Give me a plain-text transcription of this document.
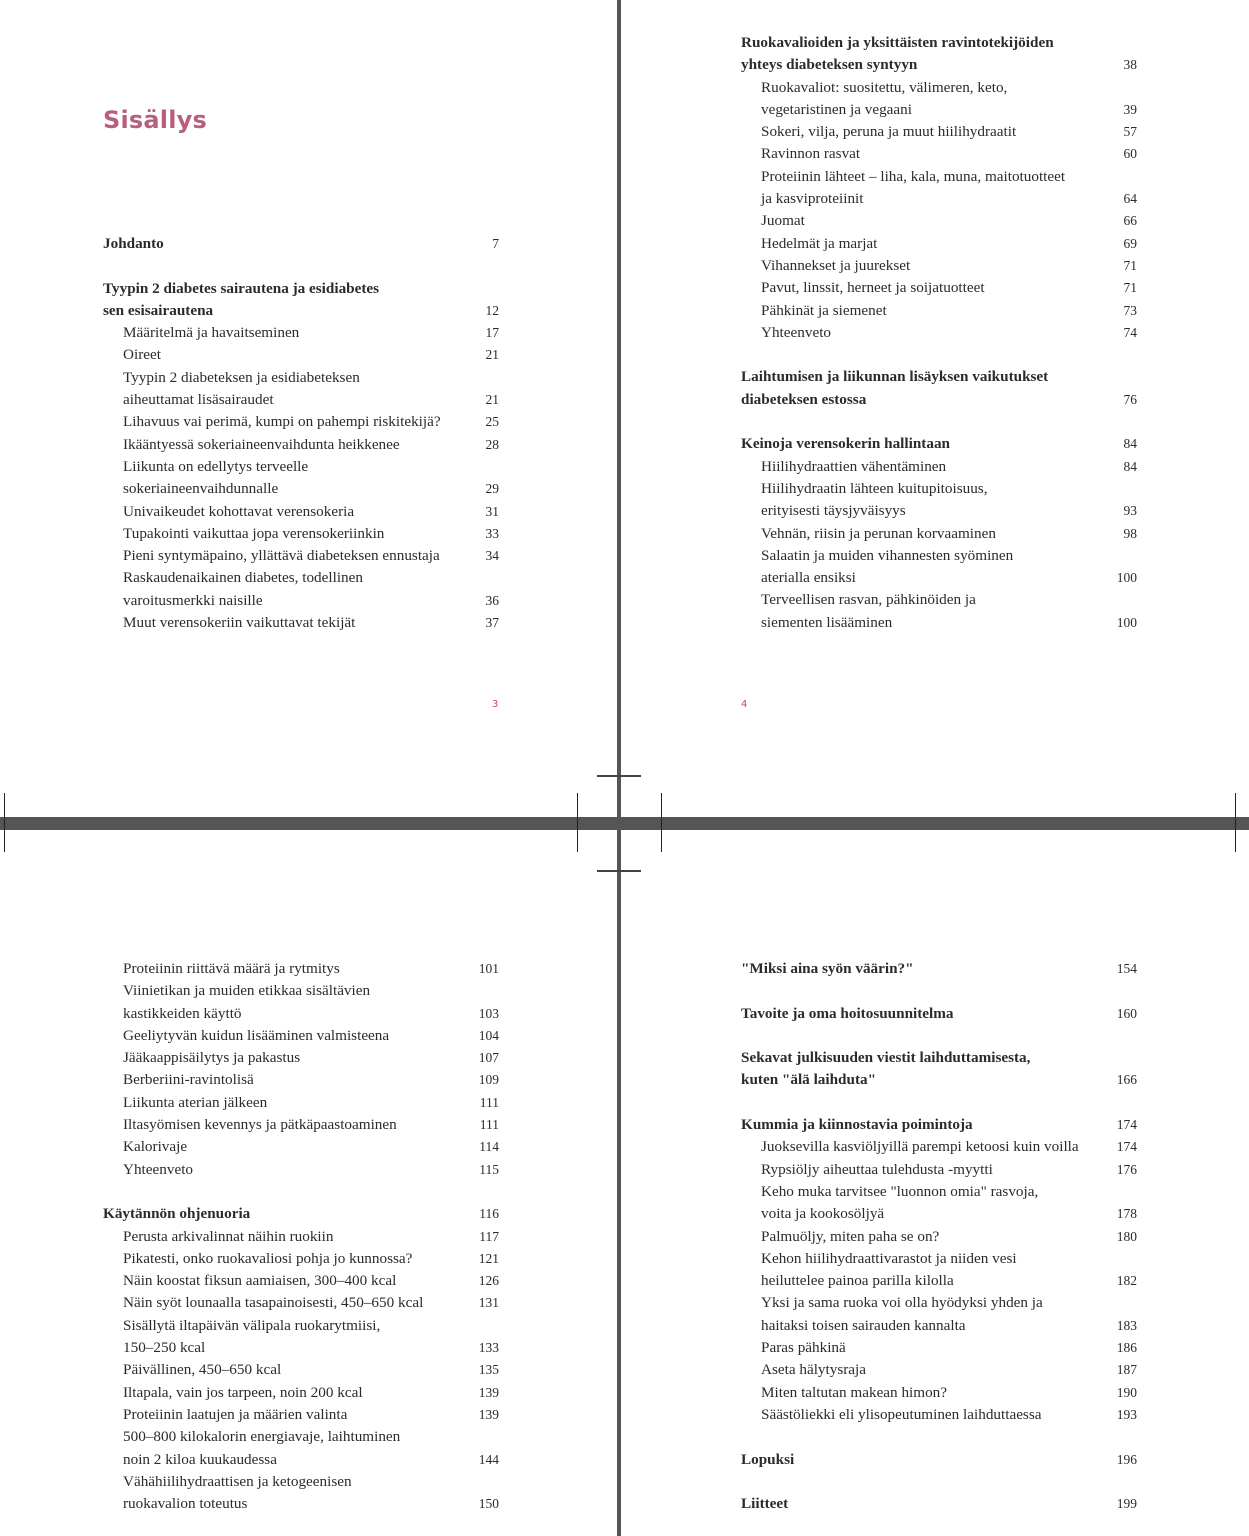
Sisällys
Johdanto	7
Tyypin 2 diabetes sairautena ja esidiabetes
sen esisairautena	12
Määritelmä ja havaitseminen	17
Oireet	21
Tyypin 2 diabeteksen ja esidiabeteksen
aiheuttamat lisäsairaudet	21
Lihavuus vai perimä, kumpi on pahempi riskitekijä?	25
Ikääntyessä sokeriaineenvaihdunta heikkenee	28
Liikunta on edellytys terveelle
sokeriaineenvaihdunnalle	29
Univaikeudet kohottavat verensokeria	31
Tupakointi vaikuttaa jopa verensokeriinkin	33
Pieni syntymäpaino, yllättävä diabeteksen ennustaja	34
Raskaudenaikainen diabetes, todellinen
varoitusmerkki naisille	36
Muut verensokeriin vaikuttavat tekijät	37
3
Ruokavalioiden ja yksittäisten ravintotekijöiden
yhteys diabeteksen syntyyn	38
Ruokavaliot: suositettu, välimeren, keto,
vegetaristinen ja vegaani	39
Sokeri, vilja, peruna ja muut hiilihydraatit	57
Ravinnon rasvat	60
Proteiinin lähteet – liha, kala, muna, maitotuotteet
ja kasviproteiinit	64
Juomat	66
Hedelmät ja marjat	69
Vihannekset ja juurekset	71
Pavut, linssit, herneet ja soijatuotteet	71
Pähkinät ja siemenet	73
Yhteenveto	74
Laihtumisen ja liikunnan lisäyksen vaikutukset
diabeteksen estossa	76
Keinoja verensokerin hallintaan	84
Hiilihydraattien vähentäminen	84
Hiilihydraatin lähteen kuitupitoisuus,
erityisesti täysjyväisyys	93
Vehnän, riisin ja perunan korvaaminen	98
Salaatin ja muiden vihannesten syöminen
aterialla ensiksi	100
Terveellisen rasvan, pähkinöiden ja
siementen lisääminen	100
4
Proteiinin riittävä määrä ja rytmitys	101
Viinietikan ja muiden etikkaa sisältävien
kastikkeiden käyttö	103
Geeliytyvän kuidun lisääminen valmisteena	104
Jääkaappisäilytys ja pakastus	107
Berberiini-ravintolisä	109
Liikunta aterian jälkeen	111
Iltasyömisen kevennys ja pätkäpaastoaminen	111
Kalorivaje	114
Yhteenveto	115
Käytännön ohjenuoria	116
Perusta arkivalinnat näihin ruokiin	117
Pikatesti, onko ruokavaliosi pohja jo kunnossa?	121
Näin koostat fiksun aamiaisen, 300–400 kcal	126
Näin syöt lounaalla tasapainoisesti, 450–650 kcal	131
Sisällytä iltapäivän välipala ruokarytmiisi,
150–250 kcal	133
Päivällinen, 450–650 kcal	135
Iltapala, vain jos tarpeen, noin 200 kcal	139
Proteiinin laatujen ja määrien valinta	139
500–800 kilokalorin energiavaje, laihtuminen
noin 2 kiloa kuukaudessa	144
Vähähiilihydraattisen ja ketogeenisen
ruokavalion toteutus	150
"Miksi aina syön väärin?"	154
Tavoite ja oma hoitosuunnitelma	160
Sekavat julkisuuden viestit laihduttamisesta,
kuten "älä laihduta"	166
Kummia ja kiinnostavia poimintoja	174
Juoksevilla kasviöljyillä parempi ketoosi kuin voilla	174
Rypsiöljy aiheuttaa tulehdusta -myytti	176
Keho muka tarvitsee "luonnon omia" rasvoja,
voita ja kookosöljyä	178
Palmuöljy, miten paha se on?	180
Kehon hiilihydraattivarastot ja niiden vesi
heiluttelee painoa parilla kilolla	182
Yksi ja sama ruoka voi olla hyödyksi yhden ja
haitaksi toisen sairauden kannalta	183
Paras pähkinä	186
Aseta hälytysraja	187
Miten taltutan makean himon?	190
Säästöliekki eli ylisopeutuminen laihduttaessa	193
Lopuksi	196
Liitteet	199
